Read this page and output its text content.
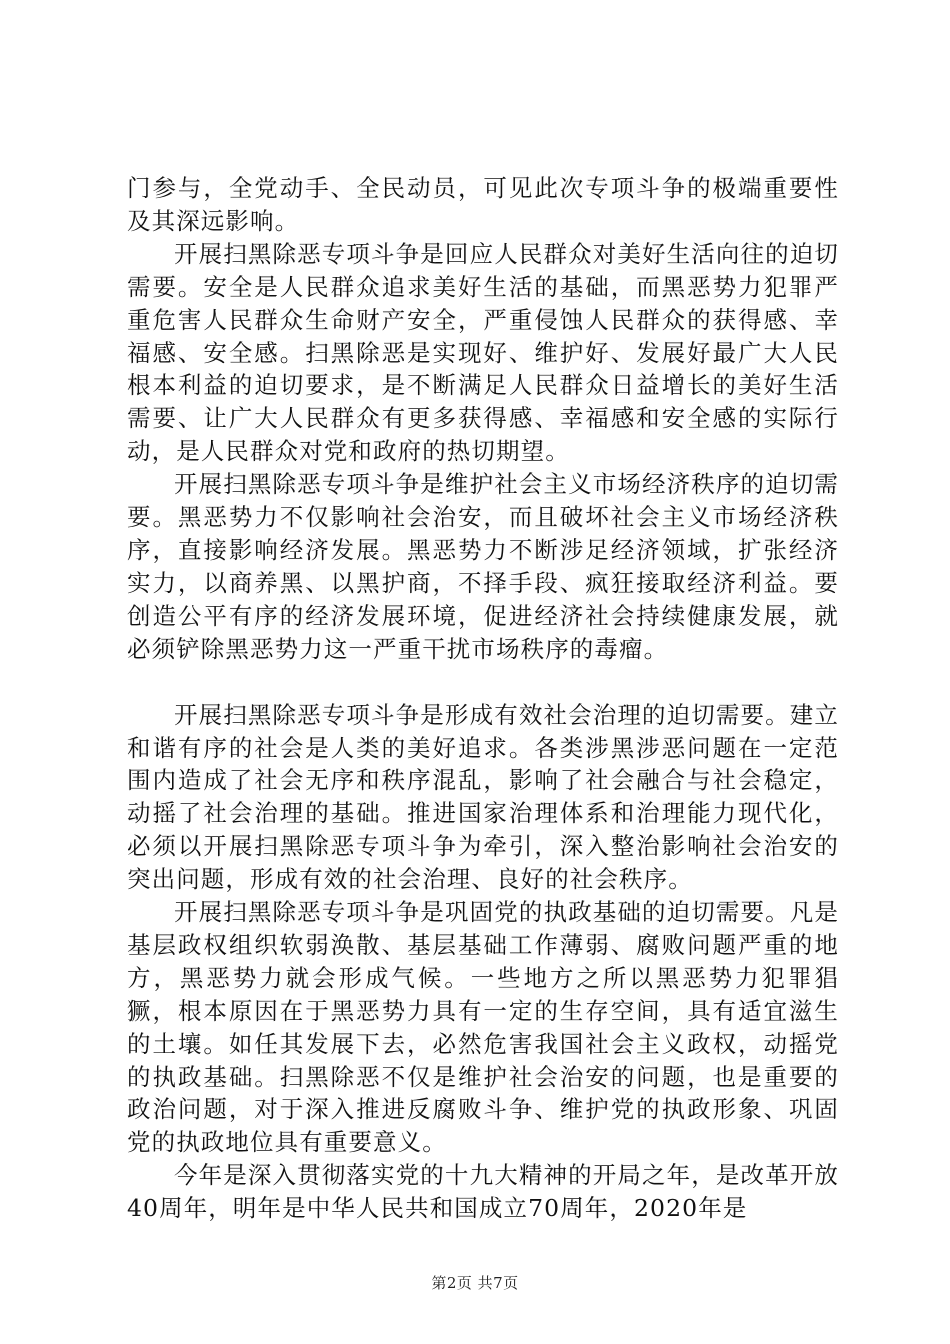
门参与，全党动手、全民动员，可见此次专项斗争的极端重要性及其深远影响。

开展扫黑除恶专项斗争是回应人民群众对美好生活向往的迫切需要。安全是人民群众追求美好生活的基础，而黑恶势力犯罪严重危害人民群众生命财产安全，严重侵蚀人民群众的获得感、幸福感、安全感。扫黑除恶是实现好、维护好、发展好最广大人民根本利益的迫切要求，是不断满足人民群众日益增长的美好生活需要、让广大人民群众有更多获得感、幸福感和安全感的实际行动，是人民群众对党和政府的热切期望。

开展扫黑除恶专项斗争是维护社会主义市场经济秩序的迫切需要。黑恶势力不仅影响社会治安，而且破坏社会主义市场经济秩序，直接影响经济发展。黑恶势力不断涉足经济领域，扩张经济实力，以商养黑、以黑护商，不择手段、疯狂接取经济利益。要创造公平有序的经济发展环境，促进经济社会持续健康发展，就必须铲除黑恶势力这一严重干扰市场秩序的毒瘤。

开展扫黑除恶专项斗争是形成有效社会治理的迫切需要。建立和谐有序的社会是人类的美好追求。各类涉黑涉恶问题在一定范围内造成了社会无序和秩序混乱，影响了社会融合与社会稳定，动摇了社会治理的基础。推进国家治理体系和治理能力现代化，必须以开展扫黑除恶专项斗争为牵引，深入整治影响社会治安的突出问题，形成有效的社会治理、良好的社会秩序。

开展扫黑除恶专项斗争是巩固党的执政基础的迫切需要。凡是基层政权组织软弱涣散、基层基础工作薄弱、腐败问题严重的地方，黑恶势力就会形成气候。一些地方之所以黑恶势力犯罪猖獗，根本原因在于黑恶势力具有一定的生存空间，具有适宜滋生的土壤。如任其发展下去，必然危害我国社会主义政权，动摇党的执政基础。扫黑除恶不仅是维护社会治安的问题，也是重要的政治问题，对于深入推进反腐败斗争、维护党的执政形象、巩固党的执政地位具有重要意义。

今年是深入贯彻落实党的十九大精神的开局之年，是改革开放40周年，明年是中华人民共和国成立70周年，2020年是

第2页 共7页
